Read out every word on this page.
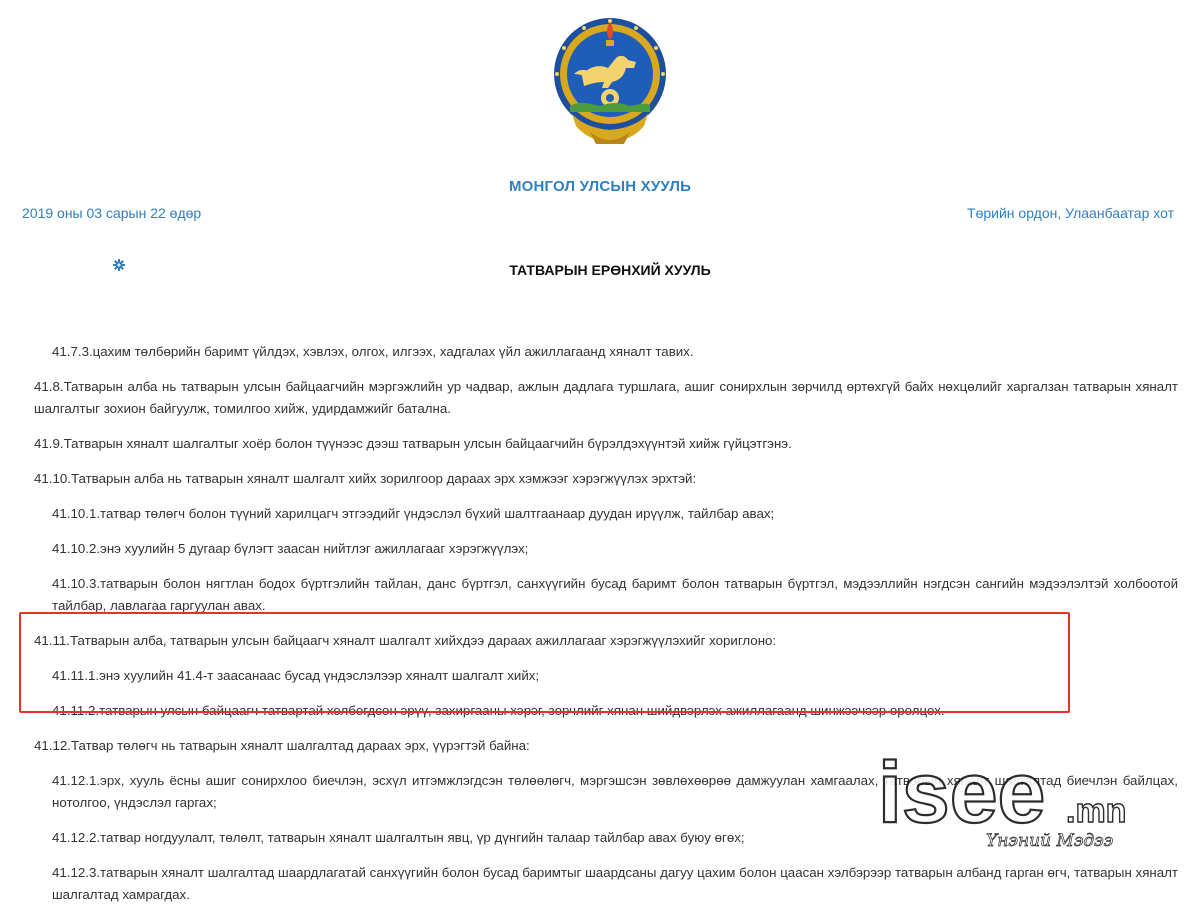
МОНГОЛ УЛСЫН ХУУЛЬ
2019 оны 03 сарын 22 өдөр	Төрийн ордон, Улаанбаатар хот
ТАТВАРЫН ЕРӨНХИЙ ХУУЛЬ

41.7.3.цахим төлбөрийн баримт үйлдэх, хэвлэх, олгох, илгээх, хадгалах үйл ажиллагаанд хяналт тавих.

41.8.Татварын алба нь татварын улсын байцаагчийн мэргэжлийн ур чадвар, ажлын дадлага туршлага, ашиг сонирхлын зөрчилд өртөхгүй байх нөхцөлийг харгалзан татварын хяналт шалгалтыг зохион байгуулж, томилгоо хийж, удирдамжийг батална.

41.9.Татварын хяналт шалгалтыг хоёр болон түүнээс дээш татварын улсын байцаагчийн бүрэлдэхүүнтэй хийж гүйцэтгэнэ.

41.10.Татварын алба нь татварын хяналт шалгалт хийх зорилгоор дараах эрх хэмжээг хэрэгжүүлэх эрхтэй:

41.10.1.татвар төлөгч болон түүний харилцагч этгээдийг үндэслэл бүхий шалтгаанаар дуудан ирүүлж, тайлбар авах;

41.10.2.энэ хуулийн 5 дугаар бүлэгт заасан нийтлэг ажиллагааг хэрэгжүүлэх;

41.10.3.татварын болон нягтлан бодох бүртгэлийн тайлан, данс бүртгэл, санхүүгийн бусад баримт болон татварын бүртгэл, мэдээллийн нэгдсэн сангийн мэдээлэлтэй холбоотой тайлбар, лавлагаа гаргуулан авах.

41.11.Татварын алба, татварын улсын байцаагч хяналт шалгалт хийхдээ дараах ажиллагааг хэрэгжүүлэхийг хориглоно:

41.11.1.энэ хуулийн 41.4-т заасанаас бусад үндэслэлээр хяналт шалгалт хийх;

41.11.2.татварын улсын байцаагч татвартай холбогдсон эрүү, захиргааны хэрэг, зөрчлийг хянан шийдвэрлэх ажиллагаанд шинжээчээр оролцох.

41.12.Татвар төлөгч нь татварын хяналт шалгалтад дараах эрх, үүрэгтэй байна:

41.12.1.эрх, хууль ёсны ашиг сонирхлоо биечлэн, эсхүл итгэмжлэгдсэн төлөөлөгч, мэргэшсэн зөвлөхөөрөө дамжуулан хамгаалах, татварын хяналт шалгалтад биечлэн байлцах, нотолгоо, үндэслэл гаргах;

41.12.2.татвар ногдуулалт, төлөлт, татварын хяналт шалгалтын явц, үр дүнгийн талаар тайлбар авах буюу өгөх;

41.12.3.татварын хяналт шалгалтад шаардлагатай санхүүгийн болон бусад баримтыг шаардсаны дагуу цахим болон цаасан хэлбэрээр татварын албанд гарган өгч, татварын хяналт шалгалтад хамрагдах.

isee .mn
Үнэний Мэдээ
